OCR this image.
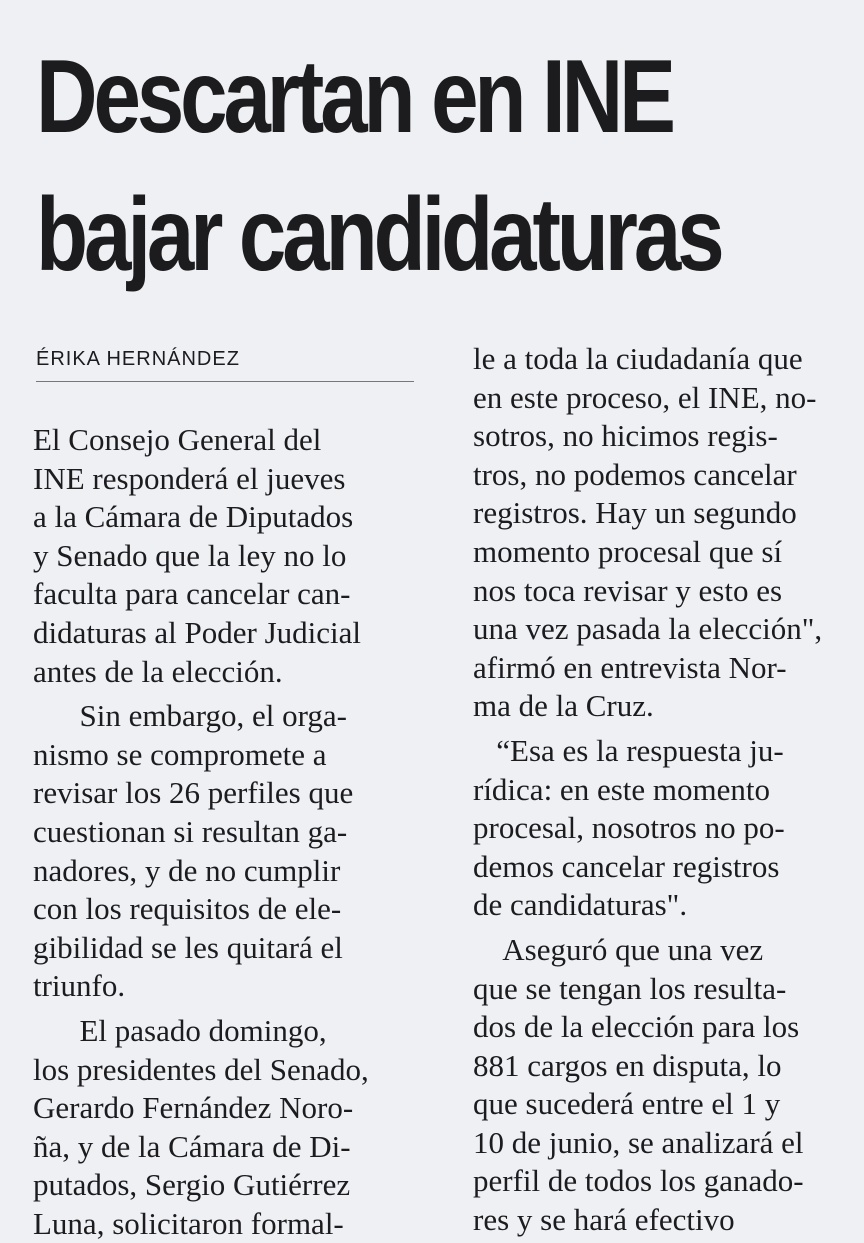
Descartan en INE
bajar candidaturas
ÉRIKA HERNÁNDEZ
El Consejo General del
INE responderá el jueves
a la Cámara de Diputados
y Senado que la ley no lo
faculta para cancelar can-
didaturas al Poder Judicial
antes de la elección.
Sin embargo, el orga-
nismo se compromete a
revisar los 26 perfiles que
cuestionan si resultan ga-
nadores, y de no cumplir
con los requisitos de ele-
gibilidad se les quitará el
triunfo.
El pasado domingo,
los presidentes del Senado,
Gerardo Fernández Noro-
ña, y de la Cámara de Di-
putados, Sergio Gutiérrez
Luna, solicitaron formal-
le a toda la ciudadanía que
en este proceso, el INE, no-
sotros, no hicimos regis-
tros, no podemos cancelar
registros. Hay un segundo
momento procesal que sí
nos toca revisar y esto es
una vez pasada la elección",
afirmó en entrevista Nor-
ma de la Cruz.
“Esa es la respuesta ju-
rídica: en este momento
procesal, nosotros no po-
demos cancelar registros
de candidaturas".
Aseguró que una vez
que se tengan los resulta-
dos de la elección para los
881 cargos en disputa, lo
que sucederá entre el 1 y
10 de junio, se analizará el
perfil de todos los ganado-
res y se hará efectivo
